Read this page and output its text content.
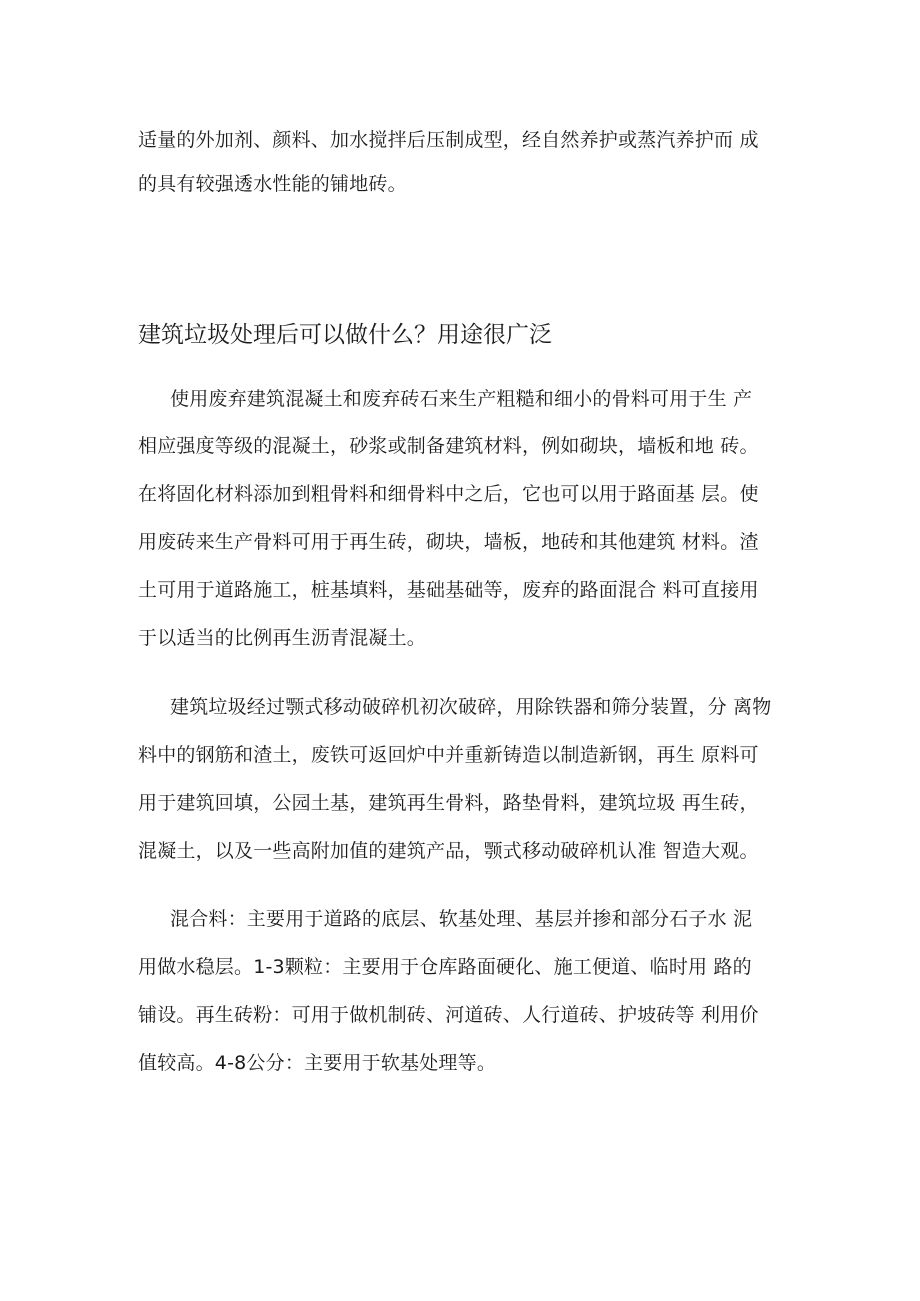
适量的外加剂、颜料、加水搅拌后压制成型，经自然养护或蒸汽养护而 成
的具有较强透水性能的铺地砖。
建筑垃圾处理后可以做什么？用途很广泛
使用废弃建筑混凝土和废弃砖石来生产粗糙和细小的骨料可用于生 产
相应强度等级的混凝土，砂浆或制备建筑材料，例如砌块，墙板和地 砖。
在将固化材料添加到粗骨料和细骨料中之后，它也可以用于路面基 层。使
用废砖来生产骨料可用于再生砖，砌块，墙板，地砖和其他建筑 材料。渣
土可用于道路施工，桩基填料，基础基础等，废弃的路面混合 料可直接用
于以适当的比例再生沥青混凝土。
建筑垃圾经过颚式移动破碎机初次破碎，用除铁器和筛分装置，分 离物
料中的钢筋和渣土，废铁可返回炉中并重新铸造以制造新钢，再生 原料可
用于建筑回填，公园土基，建筑再生骨料，路垫骨料，建筑垃圾 再生砖，
混凝土，以及一些高附加值的建筑产品，颚式移动破碎机认准 智造大观。
混合料：主要用于道路的底层、软基处理、基层并掺和部分石子水 泥
用做水稳层。1-3颗粒：主要用于仓库路面硬化、施工便道、临时用 路的
铺设。再生砖粉：可用于做机制砖、河道砖、人行道砖、护坡砖等 利用价
值较高。4-8公分：主要用于软基处理等。
